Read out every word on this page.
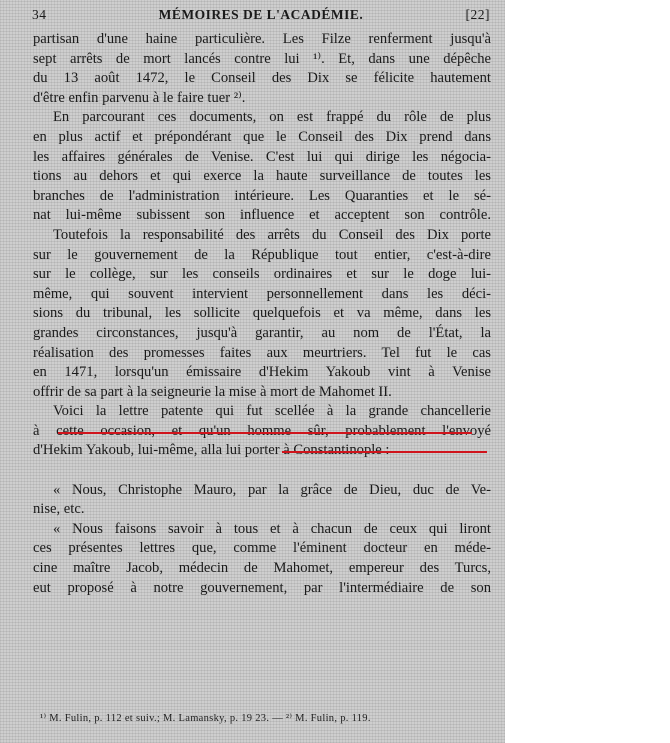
34	MÉMOIRES DE L'ACADÉMIE.	[22]
partisan d'une haine particulière. Les Filze renferment jusqu'à
sept arrêts de mort lancés contre lui ¹⁾. Et, dans une dépêche
du 13 août 1472, le Conseil des Dix se félicite hautement
d'être enfin parvenu à le faire tuer ²⁾.
En parcourant ces documents, on est frappé du rôle de plus
en plus actif et prépondérant que le Conseil des Dix prend dans
les affaires générales de Venise. C'est lui qui dirige les négocia-
tions au dehors et qui exerce la haute surveillance de toutes les
branches de l'administration intérieure. Les Quaranties et le sé-
nat lui-même subissent son influence et acceptent son contrôle.
Toutefois la responsabilité des arrêts du Conseil des Dix porte
sur le gouvernement de la République tout entier, c'est-à-dire
sur le collège, sur les conseils ordinaires et sur le doge lui-
même, qui souvent intervient personnellement dans les déci-
sions du tribunal, les sollicite quelquefois et va même, dans les
grandes circonstances, jusqu'à garantir, au nom de l'État, la
réalisation des promesses faites aux meurtriers. Tel fut le cas
en 1471, lorsqu'un émissaire d'Hekim Yakoub vint à Venise
offrir de sa part à la seigneurie la mise à mort de Mahomet II.
Voici la lettre patente qui fut scellée à la grande chancellerie
à cette occasion, et qu'un homme sûr, probablement l'envoyé
d'Hekim Yakoub, lui-même, alla lui porter à Constantinople :
« Nous, Christophe Mauro, par la grâce de Dieu, duc de Ve-
nise, etc.
« Nous faisons savoir à tous et à chacun de ceux qui liront
ces présentes lettres que, comme l'éminent docteur en méde-
cine maître Jacob, médecin de Mahomet, empereur des Turcs,
eut proposé à notre gouvernement, par l'intermédiaire de son
¹⁾ M. Fulin, p. 112 et suiv.; M. Lamansky, p. 19 23. — ²⁾ M. Fulin, p. 119.
